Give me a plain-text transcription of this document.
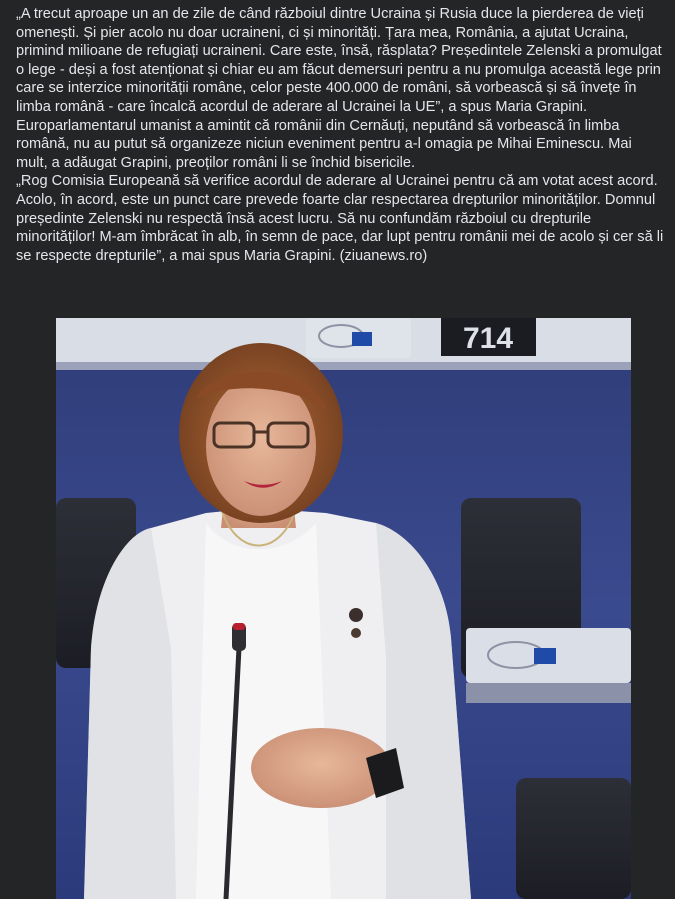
„A trecut aproape un an de zile de când războiul dintre Ucraina și Rusia duce la pierderea de vieți omenești. Și pier acolo nu doar ucraineni, ci și minorități. Țara mea, România, a ajutat Ucraina, primind milioane de refugiați ucraineni. Care este, însă, răsplata? Președintele Zelenski a promulgat o lege - deși a fost atenționat și chiar eu am făcut demersuri pentru a nu promulga această lege prin care se interzice minorității române, celor peste 400.000 de români, să vorbească și să învețe în limba română - care încalcă acordul de aderare al Ucrainei la UE”, a spus Maria Grapini.

Europarlamentarul umanist a amintit că românii din Cernăuți, neputând să vorbească în limba română, nu au putut să organizeze niciun eveniment pentru a-l omagia pe Mihai Eminescu. Mai mult, a adăugat Grapini, preoților români li se închid bisericile.

„Rog Comisia Europeană să verifice acordul de aderare al Ucrainei pentru că am votat acest acord. Acolo, în acord, este un punct care prevede foarte clar respectarea drepturilor minorităților. Domnul președinte Zelenski nu respectă însă acest lucru. Să nu confundăm războiul cu drepturile minorităților! M-am îmbrăcat în alb, în semn de pace, dar lupt pentru românii mei de acolo și cer să li se respecte drepturile”, a mai spus Maria Grapini. (ziuanews.ro)

714
